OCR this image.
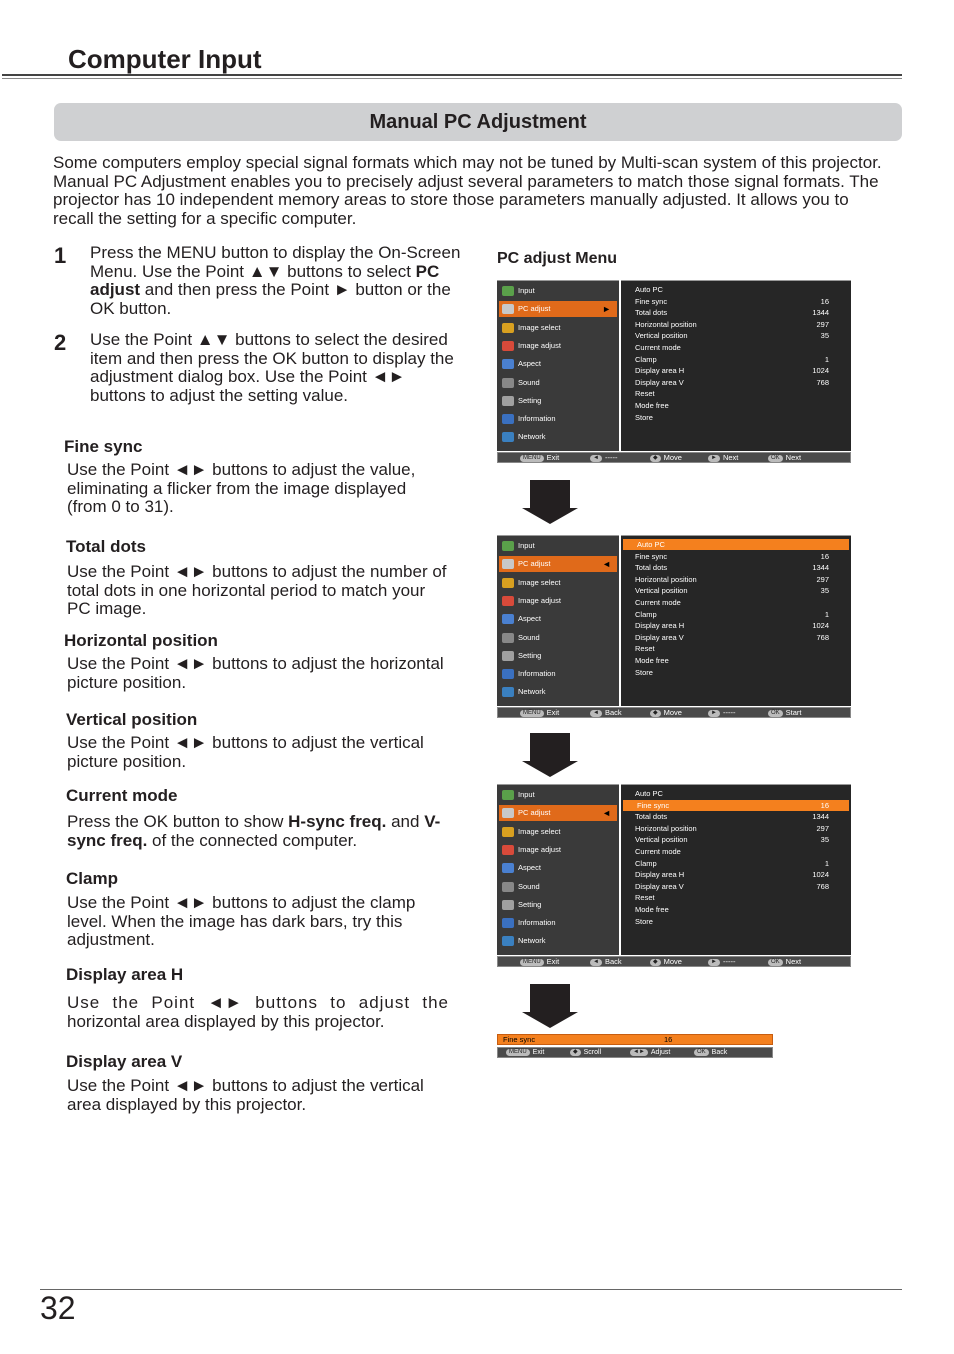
Computer Input
Manual PC Adjustment
Some computers employ special signal formats which may not be tuned by Multi-scan system of this projector. Manual PC Adjustment enables you to precisely adjust several parameters to match those signal formats. The projector has 10 independent memory areas to store those parameters manually adjusted. It allows you to recall the setting for a specific computer.
1 Press the MENU button to display the On-Screen Menu. Use the Point ▲▼ buttons to select PC adjust and then press the Point ► button or the OK button.
2 Use the Point ▲▼ buttons to select the desired item and then press the OK button to display the adjustment dialog box. Use the Point ◄► buttons to adjust the setting value.
Fine sync
Use the Point ◄► buttons to adjust the value, eliminating a flicker from the image displayed (from 0 to 31).
Total dots
Use the Point ◄► buttons to adjust the number of total dots in one horizontal period to match your PC image.
Horizontal position
Use the Point ◄► buttons to adjust the horizontal picture position.
Vertical position
Use the Point ◄► buttons to adjust the vertical picture position.
Current mode
Press the OK button to show H-sync freq. and V-sync freq. of the connected computer.
Clamp
Use the Point ◄► buttons to adjust the clamp level. When the image has dark bars, try this adjustment.
Display area H
Use the Point ◄► buttons to adjust the
horizontal area displayed by this projector.
Display area V
Use the Point ◄► buttons to adjust the vertical area displayed by this projector.
PC adjust Menu
Input
PC adjust	►
Image select
Image adjust
Aspect
Sound
Setting
Information
Network
Auto PC
Fine sync	16
Total dots	1344
Horizontal position	297
Vertical position	35
Current mode
Clamp	1
Display area H	1024
Display area V	768
Reset
Mode free
Store
MENU Exit	◄ -----	◆ Move	► Next	OK Next
Input
PC adjust	◄
Image select
Image adjust
Aspect
Sound
Setting
Information
Network
Auto PC
Fine sync	16
Total dots	1344
Horizontal position	297
Vertical position	35
Current mode
Clamp	1
Display area H	1024
Display area V	768
Reset
Mode free
Store
MENU Exit	◄ Back	◆ Move	► -----	OK Start
Input
PC adjust	◄
Image select
Image adjust
Aspect
Sound
Setting
Information
Network
Auto PC
Fine sync	16
Total dots	1344
Horizontal position	297
Vertical position	35
Current mode
Clamp	1
Display area H	1024
Display area V	768
Reset
Mode free
Store
MENU Exit	◄ Back	◆ Move	► -----	OK Next
Fine sync	16
MENU Exit	◆ Scroll	◄► Adjust	OK Back
32
